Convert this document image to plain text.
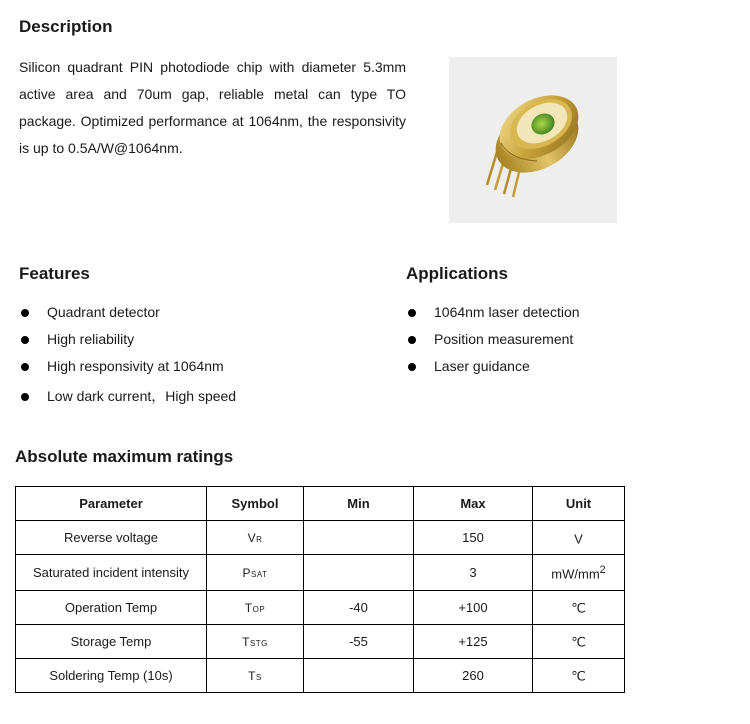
Description

Silicon quadrant PIN photodiode chip with diameter 5.3mm active area and 70um gap, reliable metal can type TO package. Optimized performance at 1064nm, the responsivity is up to 0.5A/W@1064nm.

Features
Quadrant detector
High reliability
High responsivity at 1064nm
Low dark current，High speed
Applications
1064nm laser detection
Position measurement
Laser guidance
Absolute maximum ratings
Parameter	Symbol	Min	Max	Unit
Reverse voltage	VR		150	V
Saturated incident intensity	PSAT		3	$mW/mm^2$
Operation Temp	TOP	-40	+100	℃
Storage Temp	TSTG	-55	+125	℃
Soldering Temp (10s)	TS		260	℃
